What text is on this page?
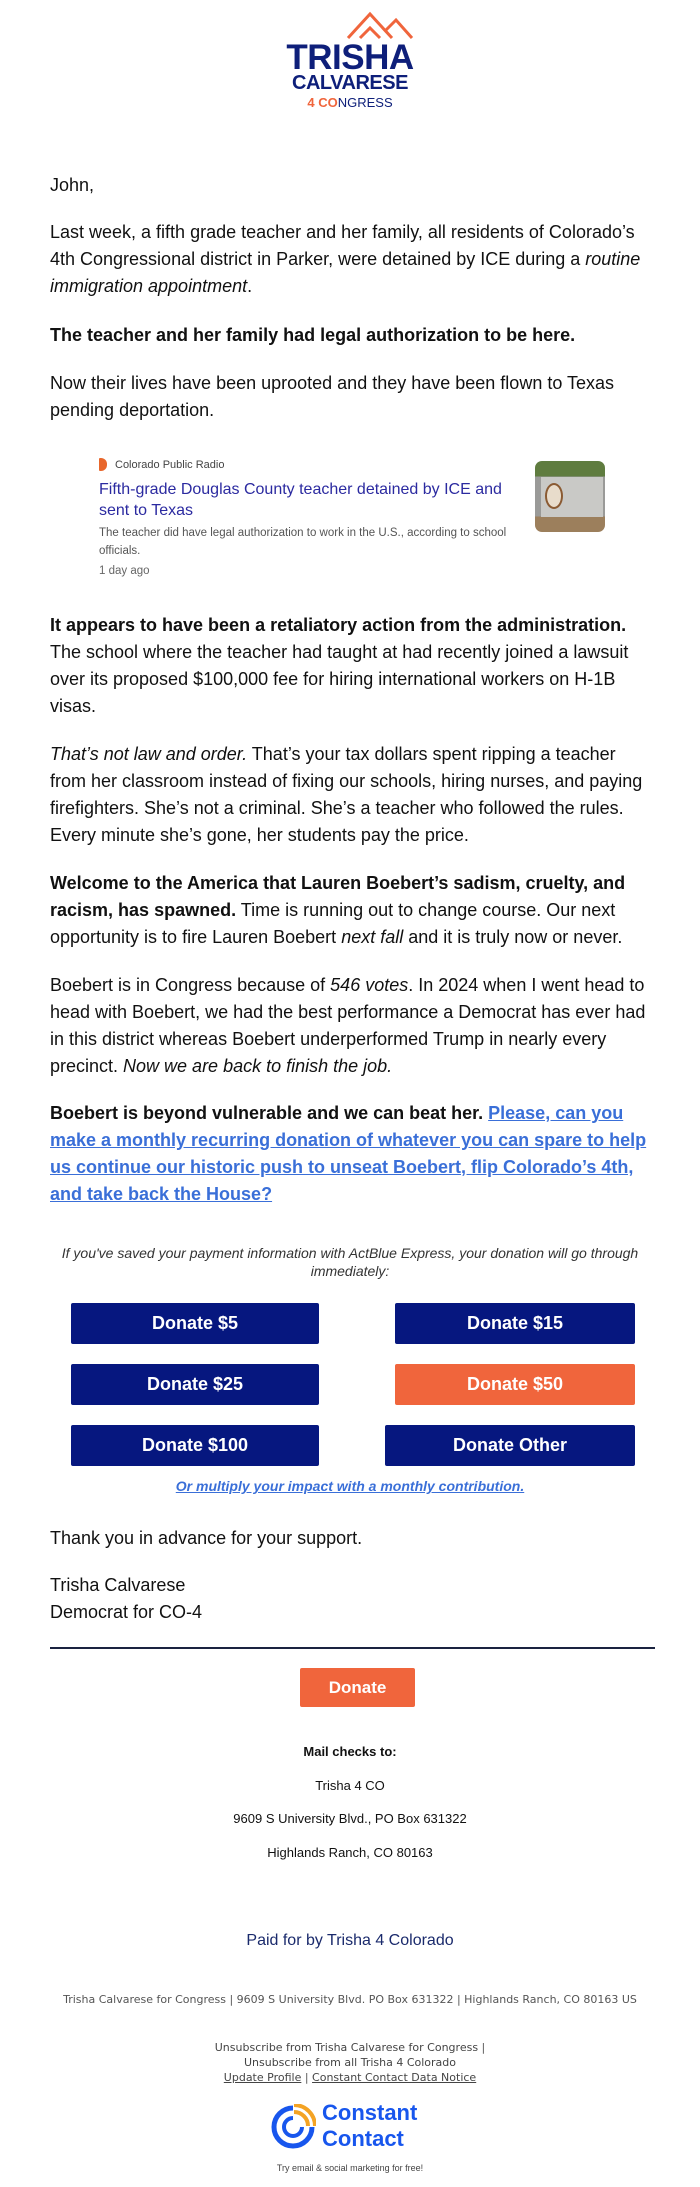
TRISHA
CALVARESE
4 CONGRESS

John,

Last week, a fifth grade teacher and her family, all residents of Colorado’s 4th Congressional district in Parker, were detained by ICE during a routine immigration appointment.

The teacher and her family had legal authorization to be here.

Now their lives have been uprooted and they have been flown to Texas pending deportation.

Colorado Public Radio
Fifth-grade Douglas County teacher detained by ICE and sent to Texas
The teacher did have legal authorization to work in the U.S., according to school officials.
1 day ago

It appears to have been a retaliatory action from the administration. The school where the teacher had taught at had recently joined a lawsuit over its proposed $100,000 fee for hiring international workers on H-1B visas.

That’s not law and order. That’s your tax dollars spent ripping a teacher from her classroom instead of fixing our schools, hiring nurses, and paying firefighters. She’s not a criminal. She’s a teacher who followed the rules. Every minute she’s gone, her students pay the price.

Welcome to the America that Lauren Boebert’s sadism, cruelty, and racism, has spawned. Time is running out to change course. Our next opportunity is to fire Lauren Boebert next fall and it is truly now or never.

Boebert is in Congress because of 546 votes. In 2024 when I went head to head with Boebert, we had the best performance a Democrat has ever had in this district whereas Boebert underperformed Trump in nearly every precinct. Now we are back to finish the job.

Boebert is beyond vulnerable and we can beat her. Please, can you make a monthly recurring donation of whatever you can spare to help us continue our historic push to unseat Boebert, flip Colorado’s 4th, and take back the House?

If you've saved your payment information with ActBlue Express, your donation will go through immediately:
Donate $5	Donate $15
Donate $25	Donate $50
Donate $100	Donate Other
Or multiply your impact with a monthly contribution.

Thank you in advance for your support.

Trisha Calvarese

Democrat for CO-4

Donate
Mail checks to:
Trisha 4 CO
9609 S University Blvd., PO Box 631322
Highlands Ranch, CO 80163
Paid for by Trisha 4 Colorado
Trisha Calvarese for Congress | 9609 S University Blvd. PO Box 631322 | Highlands Ranch, CO 80163 US
Unsubscribe from Trisha Calvarese for Congress |
Unsubscribe from all Trisha 4 Colorado
Update Profile | Constant Contact Data Notice
Constant
Contact
Try email & social marketing for free!
